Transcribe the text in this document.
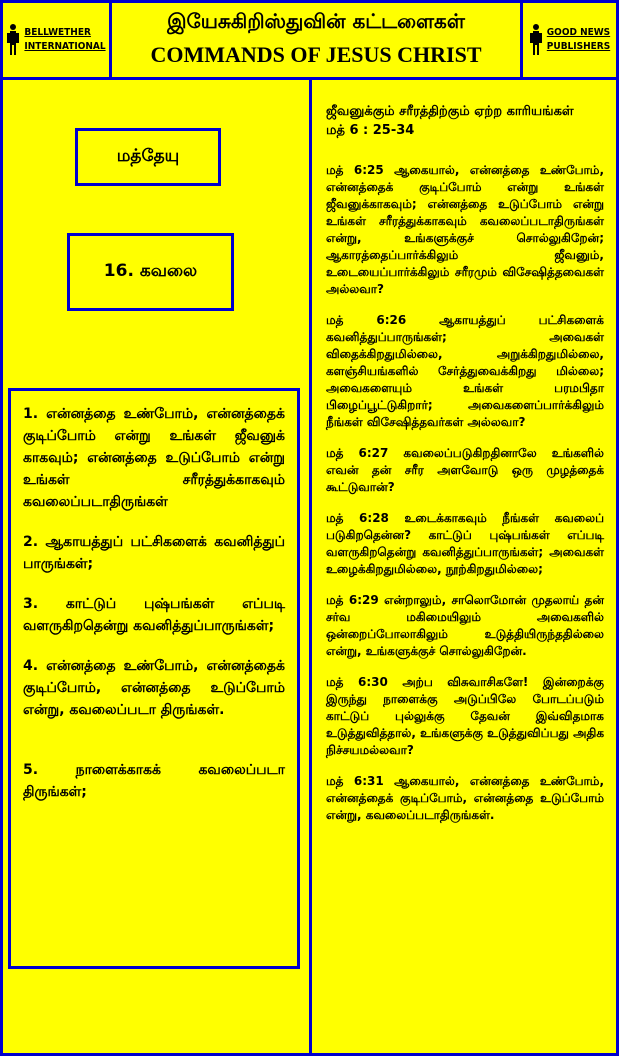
BELLWETHER
INTERNATIONAL
இயேசுகிறிஸ்துவின் கட்டளைகள்
COMMANDS OF JESUS CHRIST
GOOD NEWS
PUBLISHERS
மத்தேயு
16. கவலை

1. என்னத்தை உண்போம், என்னத்தைக் குடிப்போம் என்று உங்கள் ஜீவனுக் காகவும்; என்னத்தை உடுப்போம் என்று உங்கள் சரீரத்துக்காகவும் கவலைப்படாதிருங்கள்

2. ஆகாயத்துப் பட்சிகளைக் கவனித்துப் பாருங்கள்;

3. காட்டுப் புஷ்பங்கள் எப்படி வளருகிறதென்று கவனித்துப்பாருங்கள்;

4. என்னத்தை உண்போம், என்னத்தைக் குடிப்போம், என்னத்தை உடுப்போம் என்று, கவலைப்படா திருங்கள்.

5. நாளைக்காகக் கவலைப்படா திருங்கள்;

ஜீவனுக்கும் சரீரத்திற்கும் ஏற்ற காரியங்கள்
மத் 6 : 25-34

மத் 6:25 ஆகையால், என்னத்தை உண்போம், என்னத்தைக் குடிப்போம் என்று உங்கள் ஜீவனுக்காகவும்; என்னத்தை உடுப்போம் என்று உங்கள் சரீரத்துக்காகவும் கவலைப்படாதிருங்கள் என்று, உங்களுக்குச் சொல்லுகிறேன்; ஆகாரத்தைப்பார்க்கிலும் ஜீவனும், உடையைப்பார்க்கிலும் சரீரமும் விசேஷித்தவைகள் அல்லவா?

மத் 6:26 ஆகாயத்துப் பட்சிகளைக் கவனித்துப்பாருங்கள்; அவைகள் விதைக்கிறதுமில்லை, அறுக்கிறதுமில்லை, களஞ்சியங்களில் சேர்த்துவைக்கிறது மில்லை; அவைகளையும் உங்கள் பரமபிதா பிழைப்பூட்டுகிறார்; அவைகளைப்பார்க்கிலும் நீங்கள் விசேஷித்தவர்கள் அல்லவா?

மத் 6:27 கவலைப்படுகிறதினாலே உங்களில் எவன் தன் சரீர அளவோடு ஒரு முழத்தைக் கூட்டுவான்?

மத் 6:28 உடைக்காகவும் நீங்கள் கவலைப் படுகிறதென்ன? காட்டுப் புஷ்பங்கள் எப்படி வளருகிறதென்று கவனித்துப்பாருங்கள்; அவைகள் உழைக்கிறதுமில்லை, நூற்கிறதுமில்லை;

மத் 6:29 என்றாலும், சாலொமோன் முதலாய் தன் சர்வ மகிமையிலும் அவைகளில் ஒன்றைப்போலாகிலும் உடுத்தியிருந்ததில்லை என்று, உங்களுக்குச் சொல்லுகிறேன்.

மத் 6:30 அற்ப விசுவாசிகளே! இன்றைக்கு இருந்து நாளைக்கு அடுப்பிலே போடப்படும் காட்டுப் புல்லுக்கு தேவன் இவ்விதமாக உடுத்துவித்தால், உங்களுக்கு உடுத்துவிப்பது அதிக நிச்சயமல்லவா?

மத் 6:31 ஆகையால், என்னத்தை உண்போம், என்னத்தைக் குடிப்போம், என்னத்தை உடுப்போம் என்று, கவலைப்படாதிருங்கள்.
